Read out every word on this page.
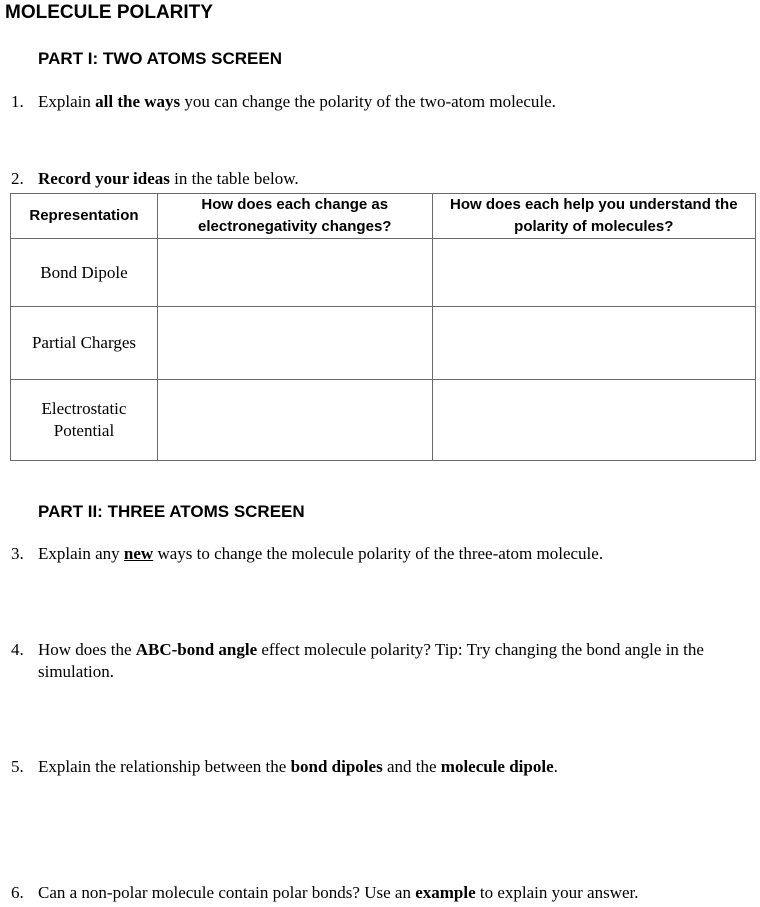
MOLECULE POLARITY
PART I: TWO ATOMS SCREEN
1. Explain all the ways you can change the polarity of the two-atom molecule.
2. Record your ideas in the table below.
Representation	How does each change as electronegativity changes?	How does each help you understand the polarity of molecules?
Bond Dipole		
Partial Charges		
Electrostatic Potential		
PART II: THREE ATOMS SCREEN
3. Explain any new ways to change the molecule polarity of the three-atom molecule.
4. How does the ABC-bond angle effect molecule polarity? Tip: Try changing the bond angle in the simulation.
5. Explain the relationship between the bond dipoles and the molecule dipole.
6. Can a non-polar molecule contain polar bonds? Use an example to explain your answer.
